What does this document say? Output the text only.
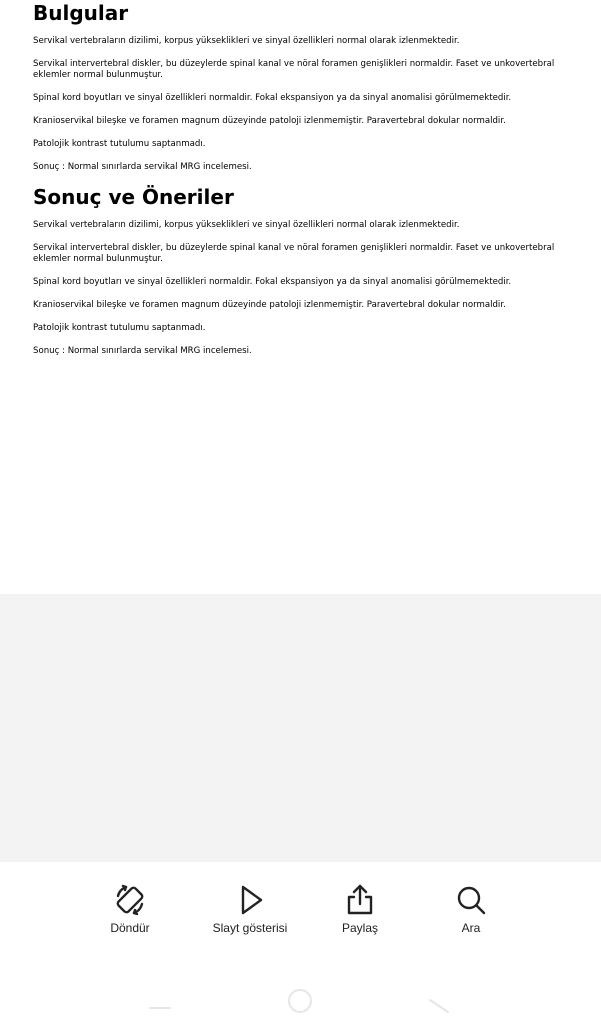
Bulgular

Servikal vertebraların dizilimi, korpus yükseklikleri ve sinyal özellikleri normal olarak izlenmektedir.

Servikal intervertebral diskler, bu düzeylerde spinal kanal ve nöral foramen genişlikleri normaldir. Faset ve unkovertebral eklemler normal bulunmuştur.

Spinal kord boyutları ve sinyal özellikleri normaldir. Fokal ekspansiyon ya da sinyal anomalisi görülmemektedir.

Kranioservikal bileşke ve foramen magnum düzeyinde patoloji izlenmemiştir. Paravertebral dokular normaldir.

Patolojik kontrast tutulumu saptanmadı.

Sonuç : Normal sınırlarda servikal MRG incelemesi.

Sonuç ve Öneriler

Servikal vertebraların dizilimi, korpus yükseklikleri ve sinyal özellikleri normal olarak izlenmektedir.

Servikal intervertebral diskler, bu düzeylerde spinal kanal ve nöral foramen genişlikleri normaldir. Faset ve unkovertebral eklemler normal bulunmuştur.

Spinal kord boyutları ve sinyal özellikleri normaldir. Fokal ekspansiyon ya da sinyal anomalisi görülmemektedir.

Kranioservikal bileşke ve foramen magnum düzeyinde patoloji izlenmemiştir. Paravertebral dokular normaldir.

Patolojik kontrast tutulumu saptanmadı.

Sonuç : Normal sınırlarda servikal MRG incelemesi.

Döndür	Slayt gösterisi	Paylaş	Ara
